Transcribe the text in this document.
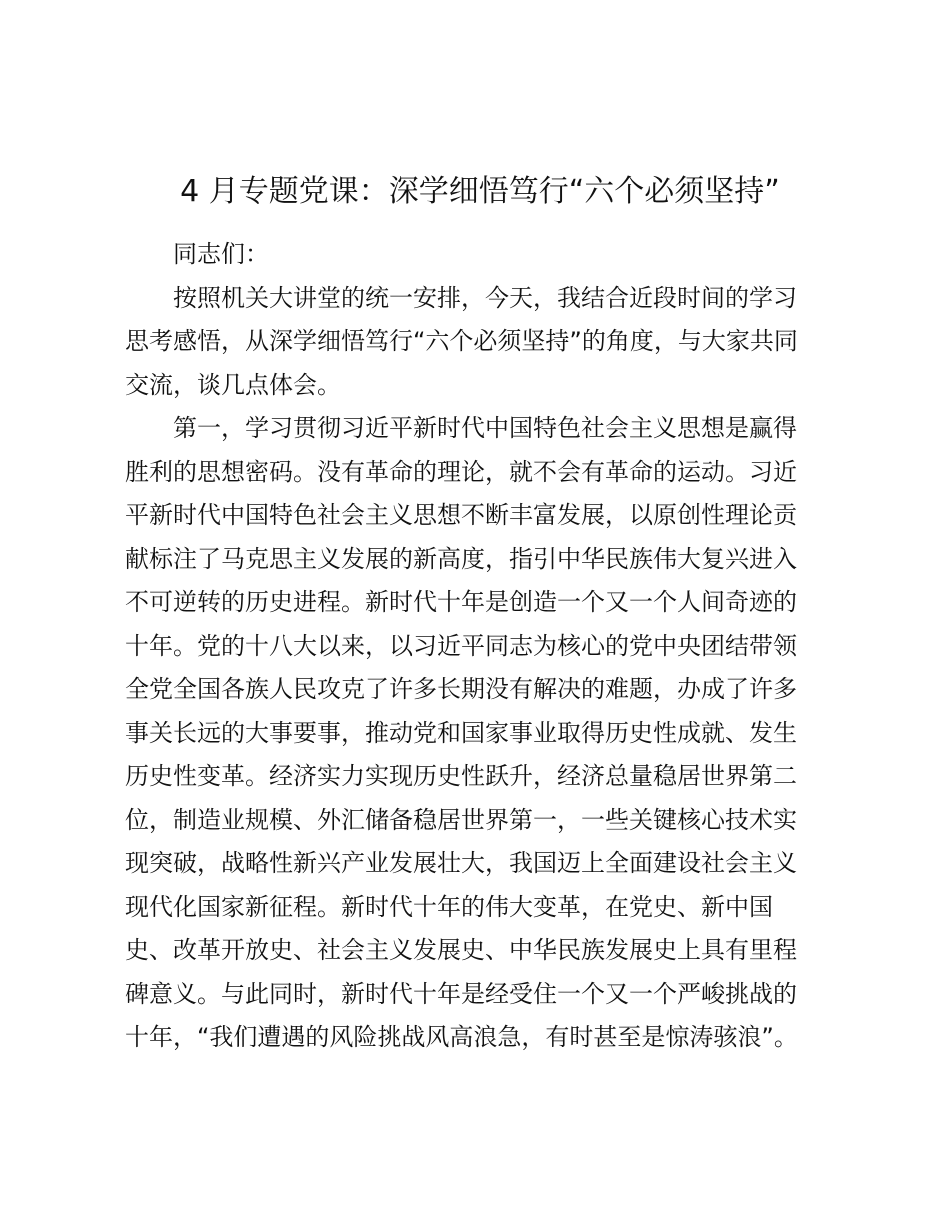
4 月专题党课：深学细悟笃行“六个必须坚持”
同志们：
按照机关大讲堂的统一安排，今天，我结合近段时间的学习
思考感悟，从深学细悟笃行“六个必须坚持”的角度，与大家共同
交流，谈几点体会。
第一，学习贯彻习近平新时代中国特色社会主义思想是赢得
胜利的思想密码。没有革命的理论，就不会有革命的运动。习近
平新时代中国特色社会主义思想不断丰富发展，以原创性理论贡
献标注了马克思主义发展的新高度，指引中华民族伟大复兴进入
不可逆转的历史进程。新时代十年是创造一个又一个人间奇迹的
十年。党的十八大以来，以习近平同志为核心的党中央团结带领
全党全国各族人民攻克了许多长期没有解决的难题，办成了许多
事关长远的大事要事，推动党和国家事业取得历史性成就、发生
历史性变革。经济实力实现历史性跃升，经济总量稳居世界第二
位，制造业规模、外汇储备稳居世界第一，一些关键核心技术实
现突破，战略性新兴产业发展壮大，我国迈上全面建设社会主义
现代化国家新征程。新时代十年的伟大变革，在党史、新中国
史、改革开放史、社会主义发展史、中华民族发展史上具有里程
碑意义。与此同时，新时代十年是经受住一个又一个严峻挑战的
十年，“我们遭遇的风险挑战风高浪急，有时甚至是惊涛骇浪”。
